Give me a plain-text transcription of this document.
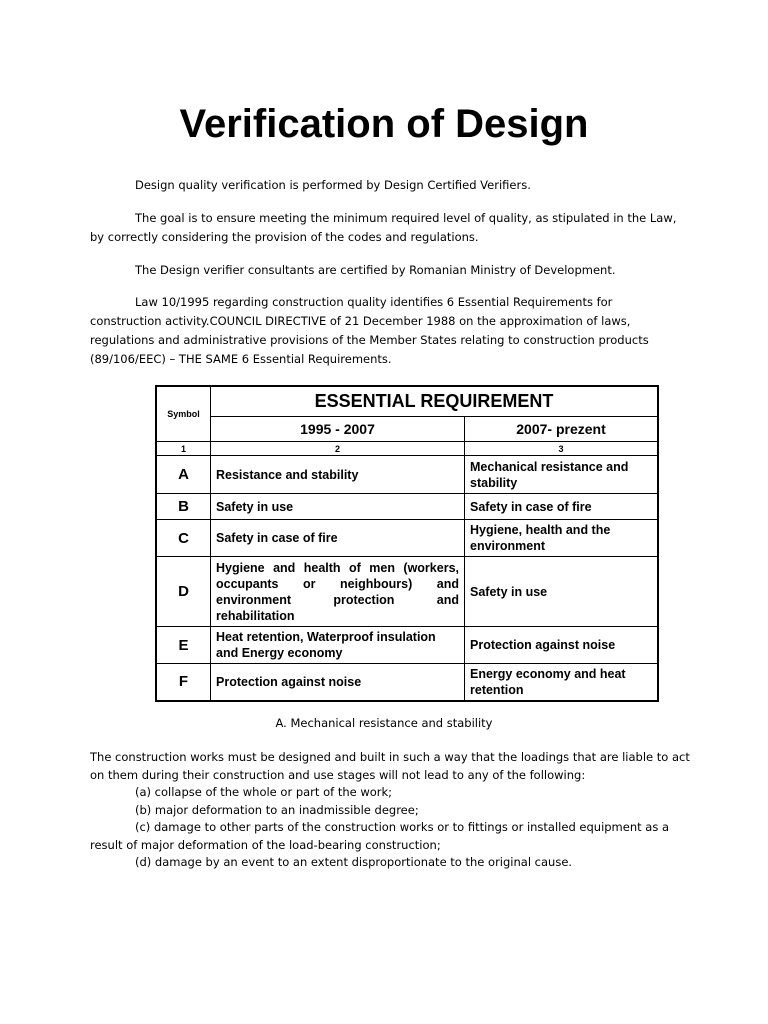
Verification of Design
Design quality verification is performed by Design Certified Verifiers.
The goal is to ensure meeting the minimum required level of quality, as stipulated in the Law,
by correctly considering the provision of the codes and regulations.
The Design verifier consultants are certified by Romanian Ministry of Development.
Law 10/1995 regarding construction quality identifies 6 Essential Requirements for
construction activity.COUNCIL DIRECTIVE of 21 December 1988 on the approximation of laws,
regulations and administrative provisions of the Member States relating to construction products
(89/106/EEC) – THE SAME 6 Essential Requirements.
Symbol	ESSENTIAL REQUIREMENT	
	1995 - 2007	2007- prezent
1	2	3
A	Resistance and stability	Mechanical resistance and stability
B	Safety in use	Safety in case of fire
C	Safety in case of fire	Hygiene, health and the environment
D	Hygiene and health of men (workers, occupants or neighbours) and environment protection and rehabilitation	Safety in use
E	Heat retention, Waterproof insulation and Energy economy	Protection against noise
F	Protection against noise	Energy economy and heat retention
A. Mechanical resistance and stability
The construction works must be designed and built in such a way that the loadings that are liable to act
on them during their construction and use stages will not lead to any of the following:
(a) collapse of the whole or part of the work;
(b) major deformation to an inadmissible degree;
(c) damage to other parts of the construction works or to fittings or installed equipment as a
result of major deformation of the load-bearing construction;
(d) damage by an event to an extent disproportionate to the original cause.
